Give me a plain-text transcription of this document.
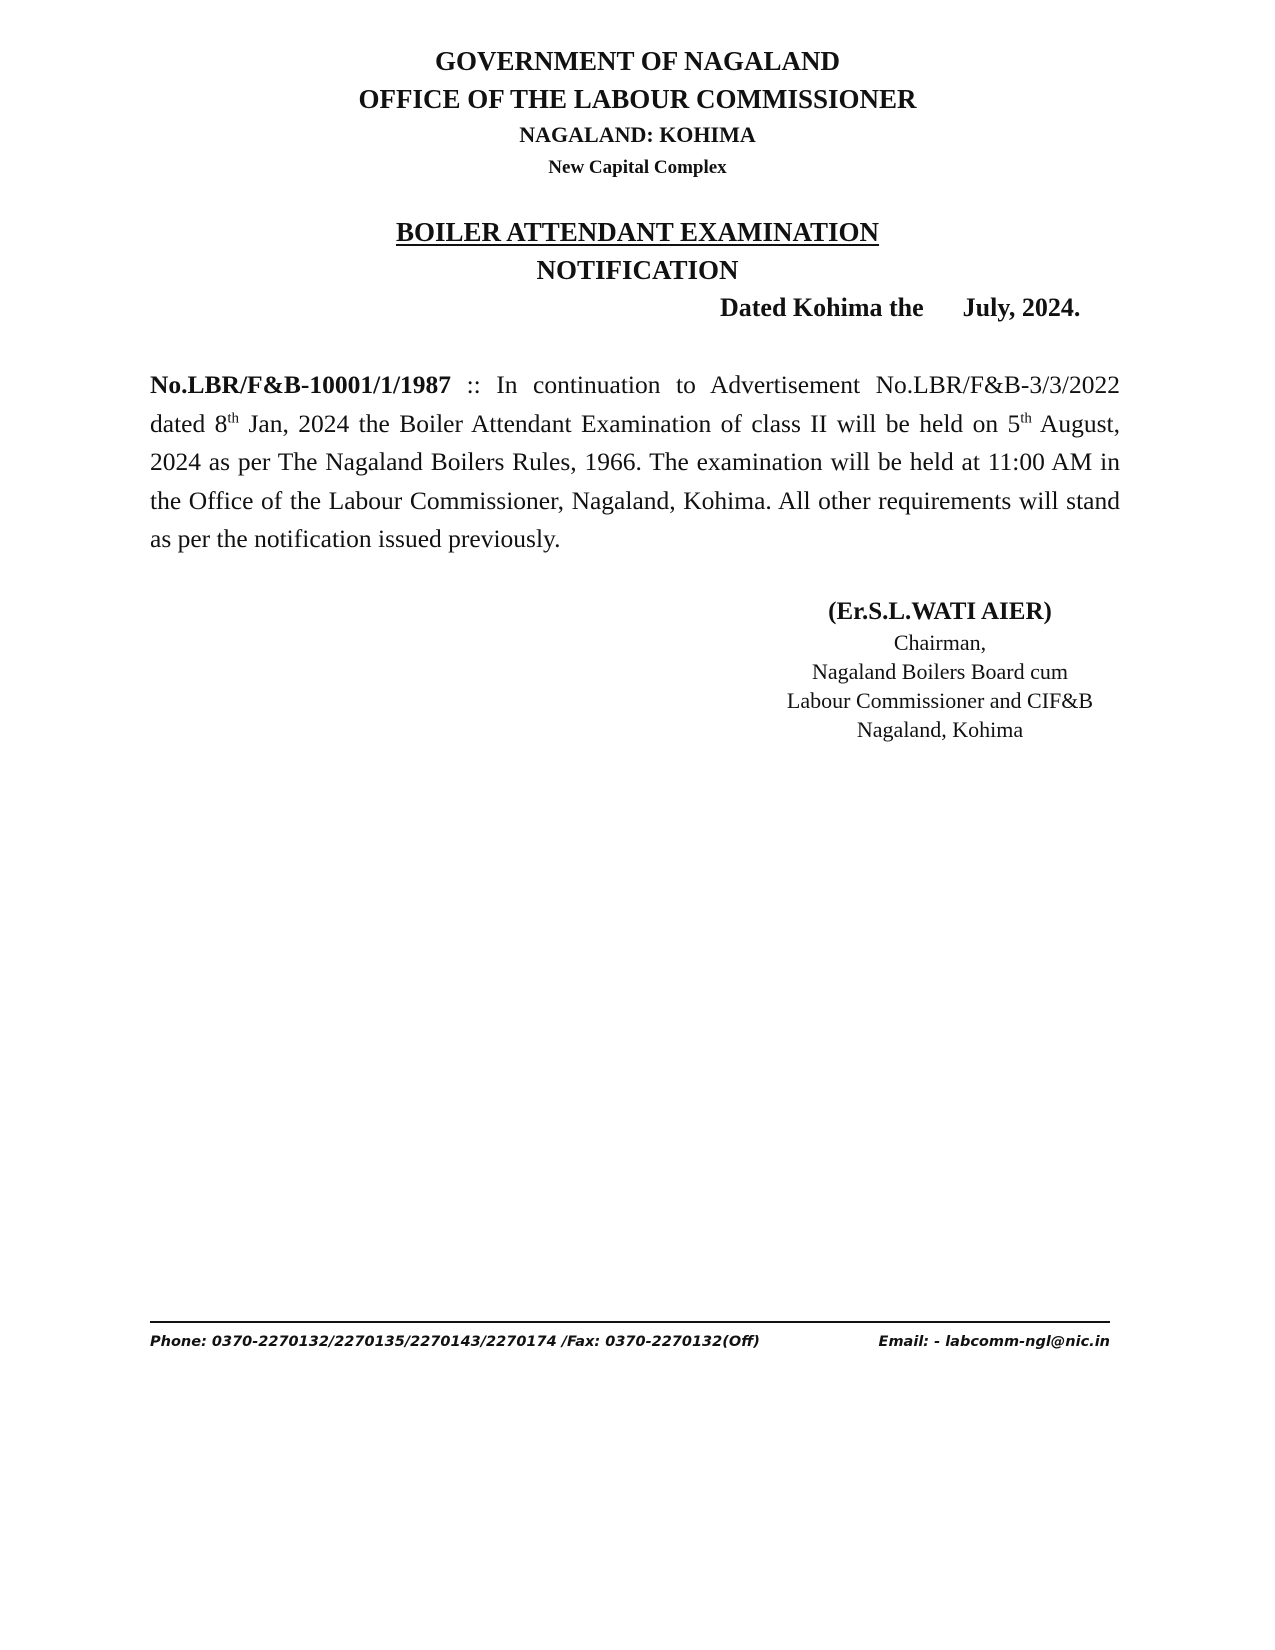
GOVERNMENT OF NAGALAND
OFFICE OF THE LABOUR COMMISSIONER
NAGALAND: KOHIMA
New Capital Complex
BOILER ATTENDANT EXAMINATION
NOTIFICATION
Dated Kohima the July, 2024.
No.LBR/F&B-10001/1/1987 :: In continuation to Advertisement No.LBR/F&B-3/3/2022 dated 8th Jan, 2024 the Boiler Attendant Examination of class II will be held on 5th August, 2024 as per The Nagaland Boilers Rules, 1966. The examination will be held at 11:00 AM in the Office of the Labour Commissioner, Nagaland, Kohima. All other requirements will stand as per the notification issued previously.
(Er.S.L.WATI AIER)
Chairman,
Nagaland Boilers Board cum
Labour Commissioner and CIF&B
Nagaland, Kohima
Phone: 0370-2270132/2270135/2270143/2270174 /Fax: 0370-2270132(Off)	Email: - labcomm-ngl@nic.in
